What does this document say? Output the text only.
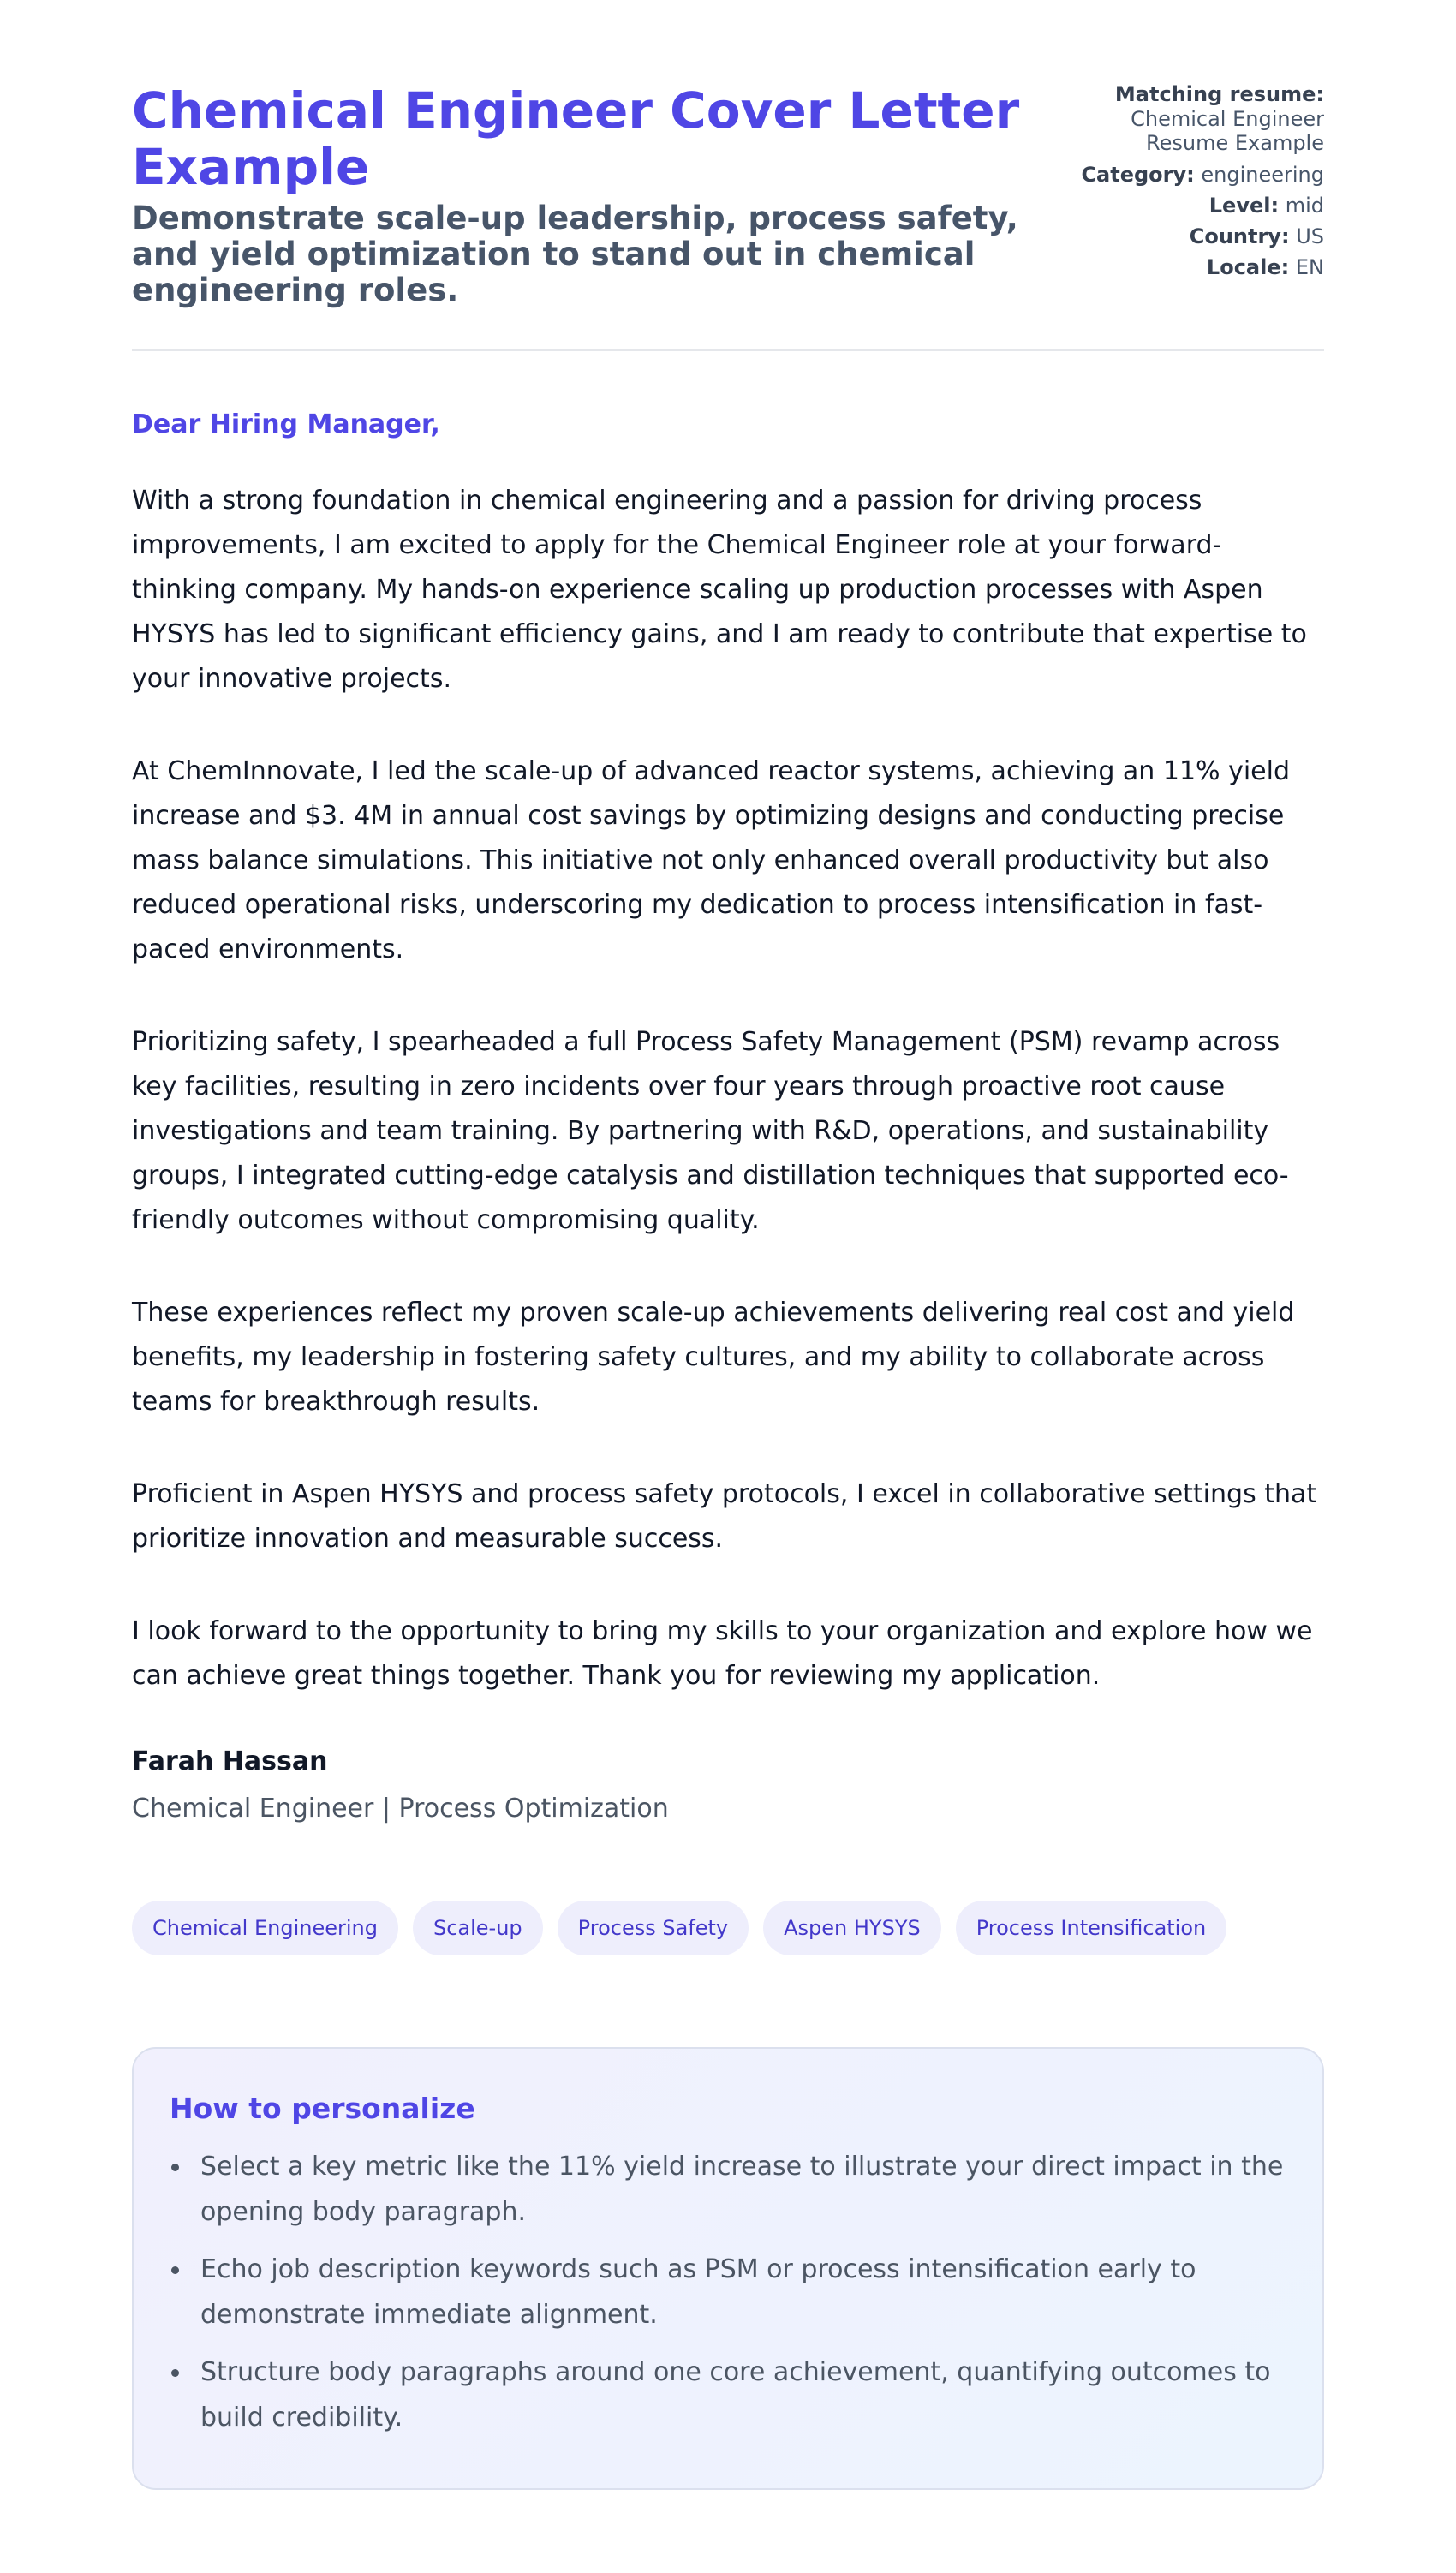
Chemical Engineer Cover Letter Example
Demonstrate scale-up leadership, process safety, and yield optimization to stand out in chemical engineering roles.
Matching resume:
Chemical Engineer Resume Example
Category: engineering
Level: mid
Country: US
Locale: EN

Dear Hiring Manager,

With a strong foundation in chemical engineering and a passion for driving process improvements, I am excited to apply for the Chemical Engineer role at your forward-thinking company. My hands-on experience scaling up production processes with Aspen HYSYS has led to significant efficiency gains, and I am ready to contribute that expertise to your innovative projects.

At ChemInnovate, I led the scale-up of advanced reactor systems, achieving an 11% yield increase and $3. 4M in annual cost savings by optimizing designs and conducting precise mass balance simulations. This initiative not only enhanced overall productivity but also reduced operational risks, underscoring my dedication to process intensification in fast-paced environments.

Prioritizing safety, I spearheaded a full Process Safety Management (PSM) revamp across key facilities, resulting in zero incidents over four years through proactive root cause investigations and team training. By partnering with R&D, operations, and sustainability groups, I integrated cutting-edge catalysis and distillation techniques that supported eco-friendly outcomes without compromising quality.

These experiences reflect my proven scale-up achievements delivering real cost and yield benefits, my leadership in fostering safety cultures, and my ability to collaborate across teams for breakthrough results.

Proficient in Aspen HYSYS and process safety protocols, I excel in collaborative settings that prioritize innovation and measurable success.

I look forward to the opportunity to bring my skills to your organization and explore how we can achieve great things together. Thank you for reviewing my application.

Farah Hassan

Chemical Engineer | Process Optimization

Chemical Engineering	Scale-up	Process Safety	Aspen HYSYS	Process Intensification
How to personalize
Select a key metric like the 11% yield increase to illustrate your direct impact in the opening body paragraph.
Echo job description keywords such as PSM or process intensification early to demonstrate immediate alignment.
Structure body paragraphs around one core achievement, quantifying outcomes to build credibility.
